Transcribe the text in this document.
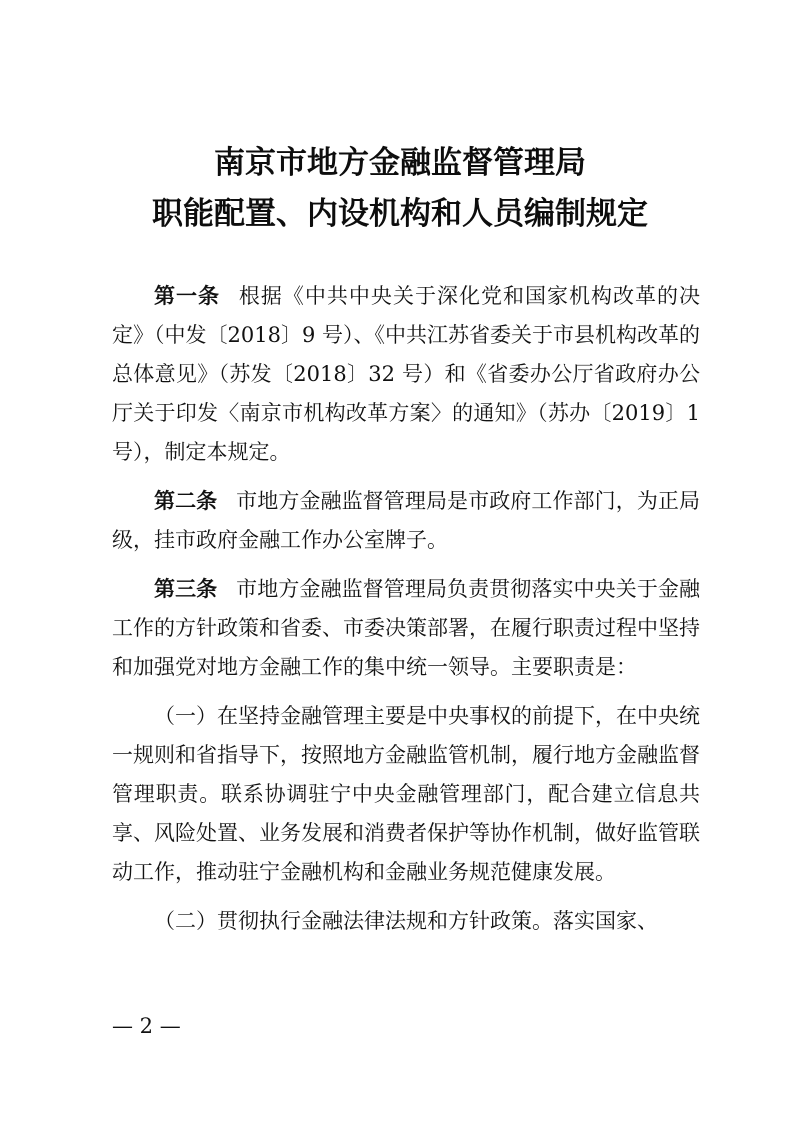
南京市地方金融监督管理局
职能配置、内设机构和人员编制规定

第一条 根据《中共中央关于深化党和国家机构改革的决定》（中发〔2018〕9 号）、《中共江苏省委关于市县机构改革的总体意见》（苏发〔2018〕32 号）和《省委办公厅省政府办公厅关于印发〈南京市机构改革方案〉的通知》（苏办〔2019〕1 号），制定本规定。

第二条 市地方金融监督管理局是市政府工作部门，为正局级，挂市政府金融工作办公室牌子。

第三条 市地方金融监督管理局负责贯彻落实中央关于金融工作的方针政策和省委、市委决策部署，在履行职责过程中坚持和加强党对地方金融工作的集中统一领导。主要职责是：

（一）在坚持金融管理主要是中央事权的前提下，在中央统一规则和省指导下，按照地方金融监管机制，履行地方金融监督管理职责。联系协调驻宁中央金融管理部门，配合建立信息共享、风险处置、业务发展和消费者保护等协作机制，做好监管联动工作，推动驻宁金融机构和金融业务规范健康发展。

（二）贯彻执行金融法律法规和方针政策。落实国家、

— 2 —
